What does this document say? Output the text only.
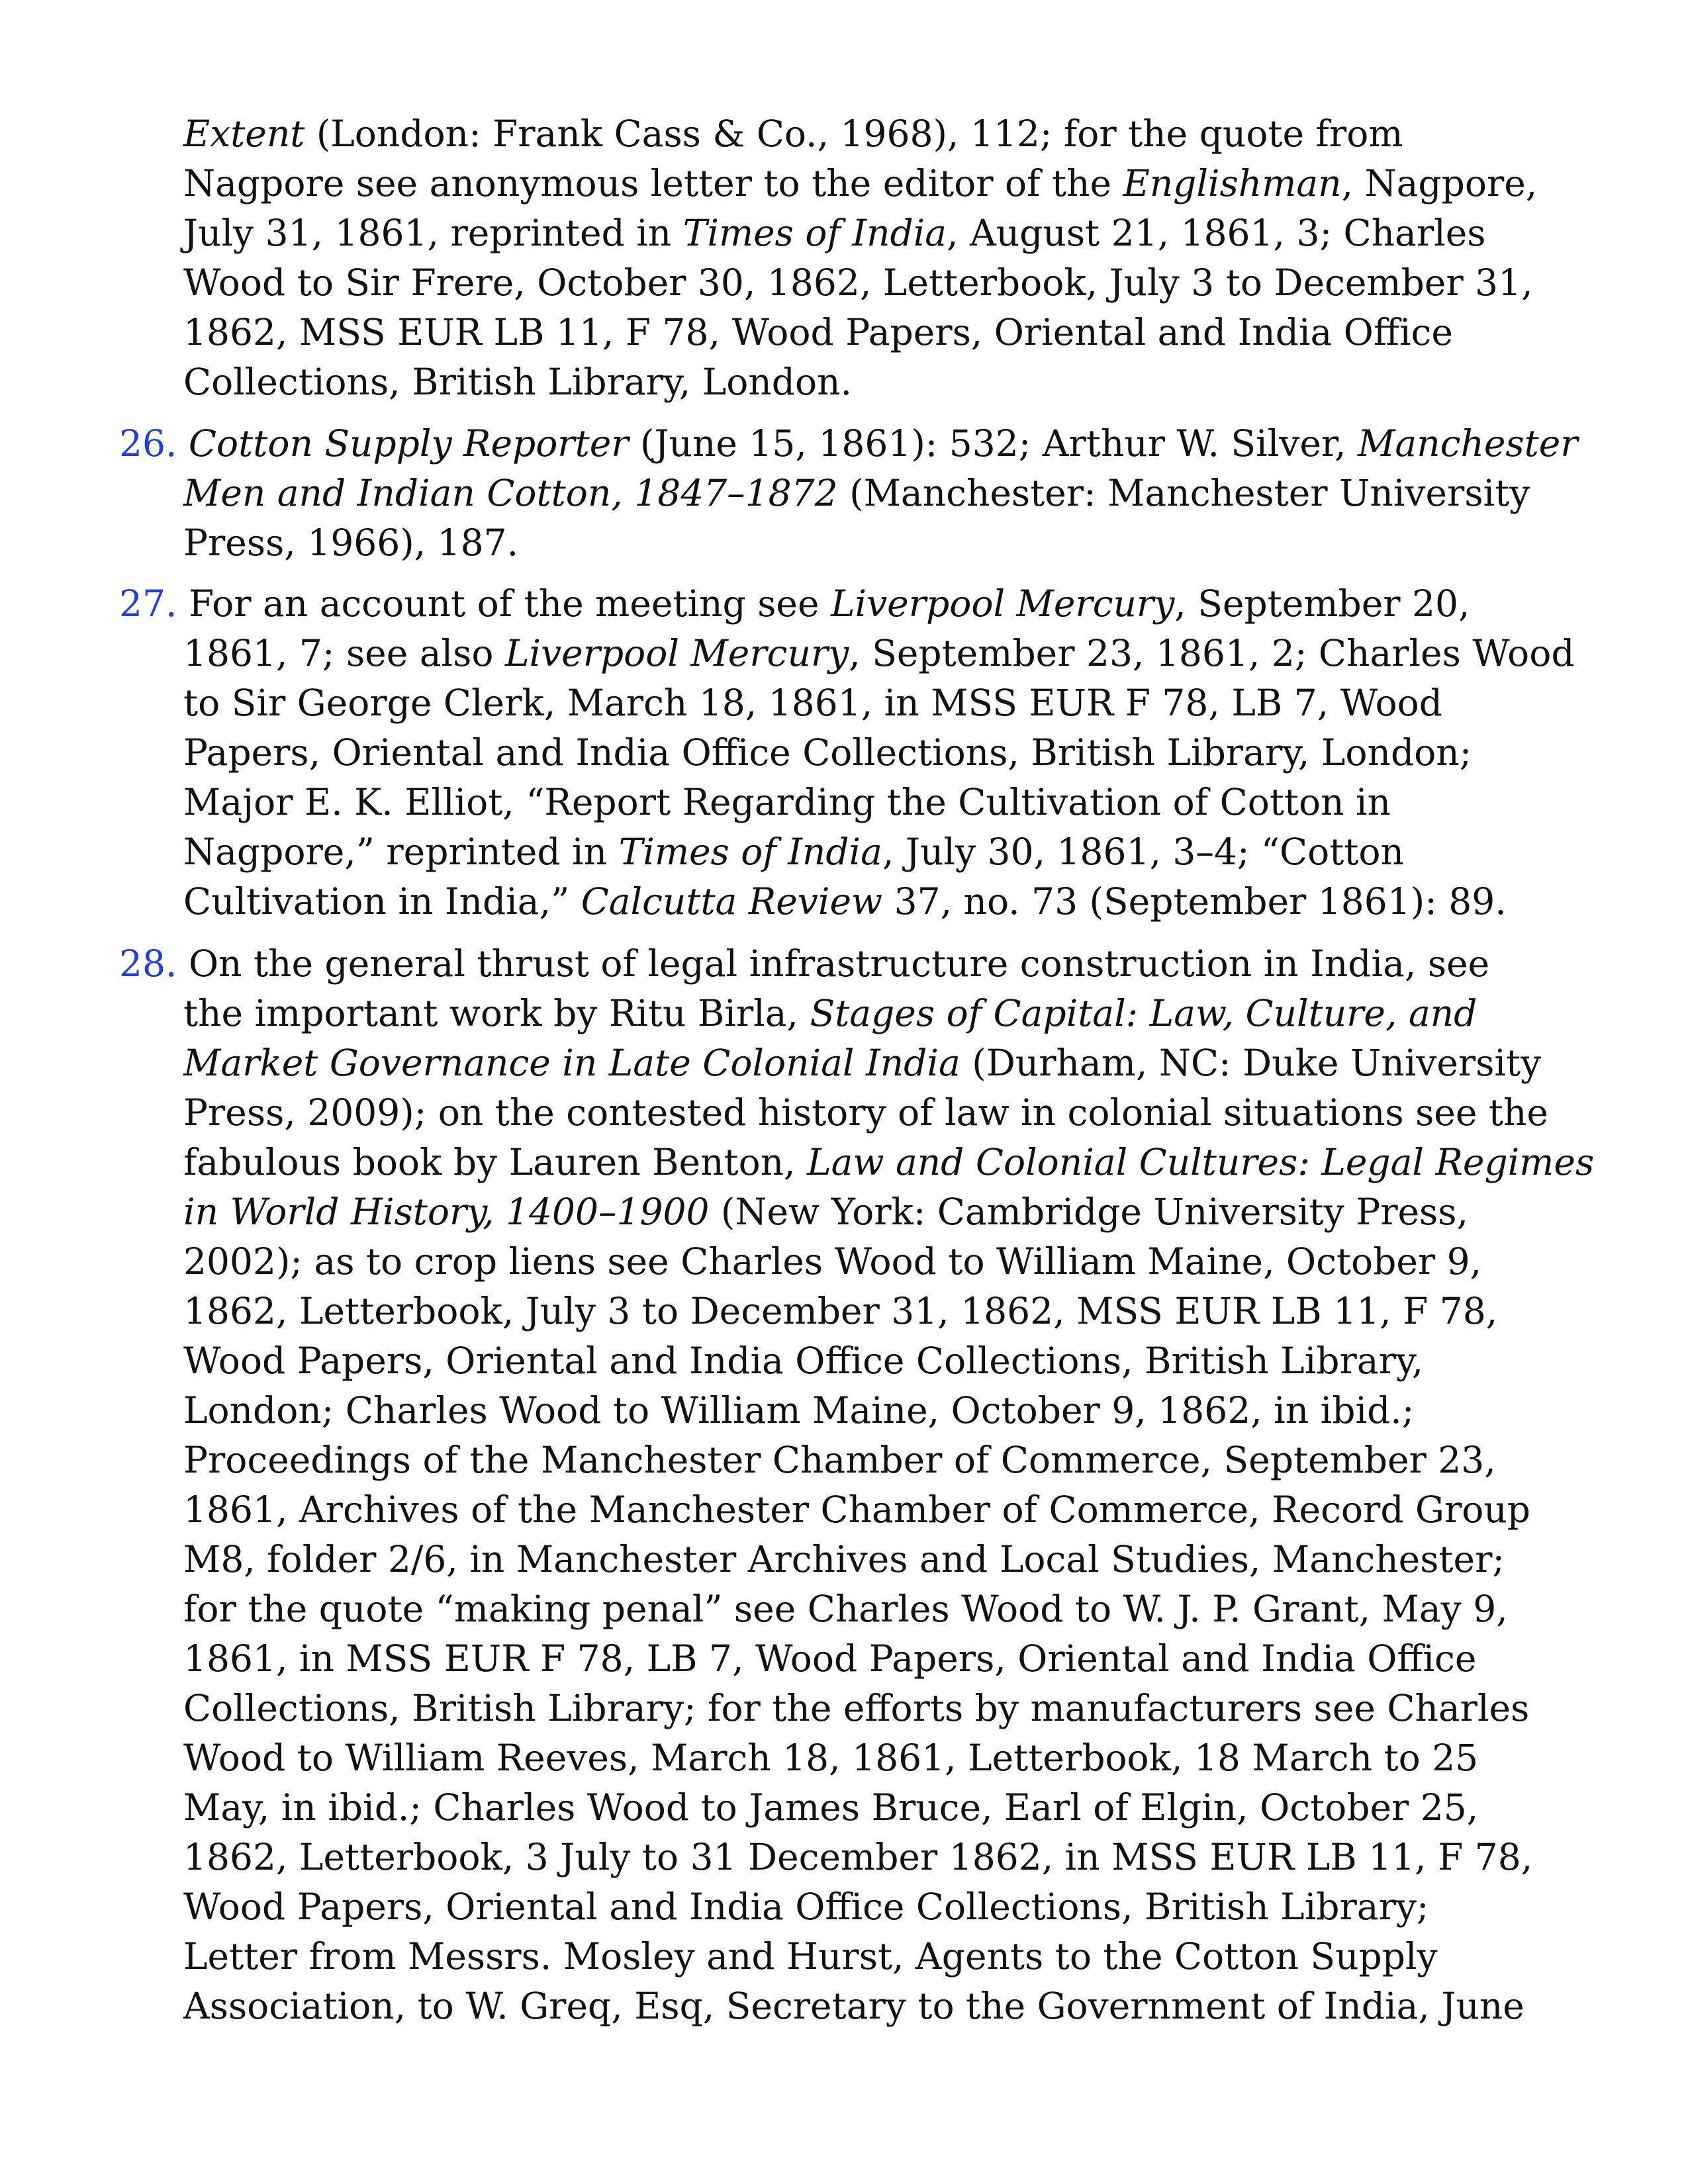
Extent (London: Frank Cass & Co., 1968), 112; for the quote from
Nagpore see anonymous letter to the editor of the Englishman, Nagpore,
July 31, 1861, reprinted in Times of India, August 21, 1861, 3; Charles
Wood to Sir Frere, October 30, 1862, Letterbook, July 3 to December 31,
1862, MSS EUR LB 11, F 78, Wood Papers, Oriental and India Office
Collections, British Library, London.
26. Cotton Supply Reporter (June 15, 1861): 532; Arthur W. Silver, Manchester
Men and Indian Cotton, 1847–1872 (Manchester: Manchester University
Press, 1966), 187.
27. For an account of the meeting see Liverpool Mercury, September 20,
1861, 7; see also Liverpool Mercury, September 23, 1861, 2; Charles Wood
to Sir George Clerk, March 18, 1861, in MSS EUR F 78, LB 7, Wood
Papers, Oriental and India Office Collections, British Library, London;
Major E. K. Elliot, “Report Regarding the Cultivation of Cotton in
Nagpore,” reprinted in Times of India, July 30, 1861, 3–4; “Cotton
Cultivation in India,” Calcutta Review 37, no. 73 (September 1861): 89.
28. On the general thrust of legal infrastructure construction in India, see
the important work by Ritu Birla, Stages of Capital: Law, Culture, and
Market Governance in Late Colonial India (Durham, NC: Duke University
Press, 2009); on the contested history of law in colonial situations see the
fabulous book by Lauren Benton, Law and Colonial Cultures: Legal Regimes
in World History, 1400–1900 (New York: Cambridge University Press,
2002); as to crop liens see Charles Wood to William Maine, October 9,
1862, Letterbook, July 3 to December 31, 1862, MSS EUR LB 11, F 78,
Wood Papers, Oriental and India Office Collections, British Library,
London; Charles Wood to William Maine, October 9, 1862, in ibid.;
Proceedings of the Manchester Chamber of Commerce, September 23,
1861, Archives of the Manchester Chamber of Commerce, Record Group
M8, folder 2/6, in Manchester Archives and Local Studies, Manchester;
for the quote “making penal” see Charles Wood to W. J. P. Grant, May 9,
1861, in MSS EUR F 78, LB 7, Wood Papers, Oriental and India Office
Collections, British Library; for the efforts by manufacturers see Charles
Wood to William Reeves, March 18, 1861, Letterbook, 18 March to 25
May, in ibid.; Charles Wood to James Bruce, Earl of Elgin, October 25,
1862, Letterbook, 3 July to 31 December 1862, in MSS EUR LB 11, F 78,
Wood Papers, Oriental and India Office Collections, British Library;
Letter from Messrs. Mosley and Hurst, Agents to the Cotton Supply
Association, to W. Greq, Esq, Secretary to the Government of India, June
